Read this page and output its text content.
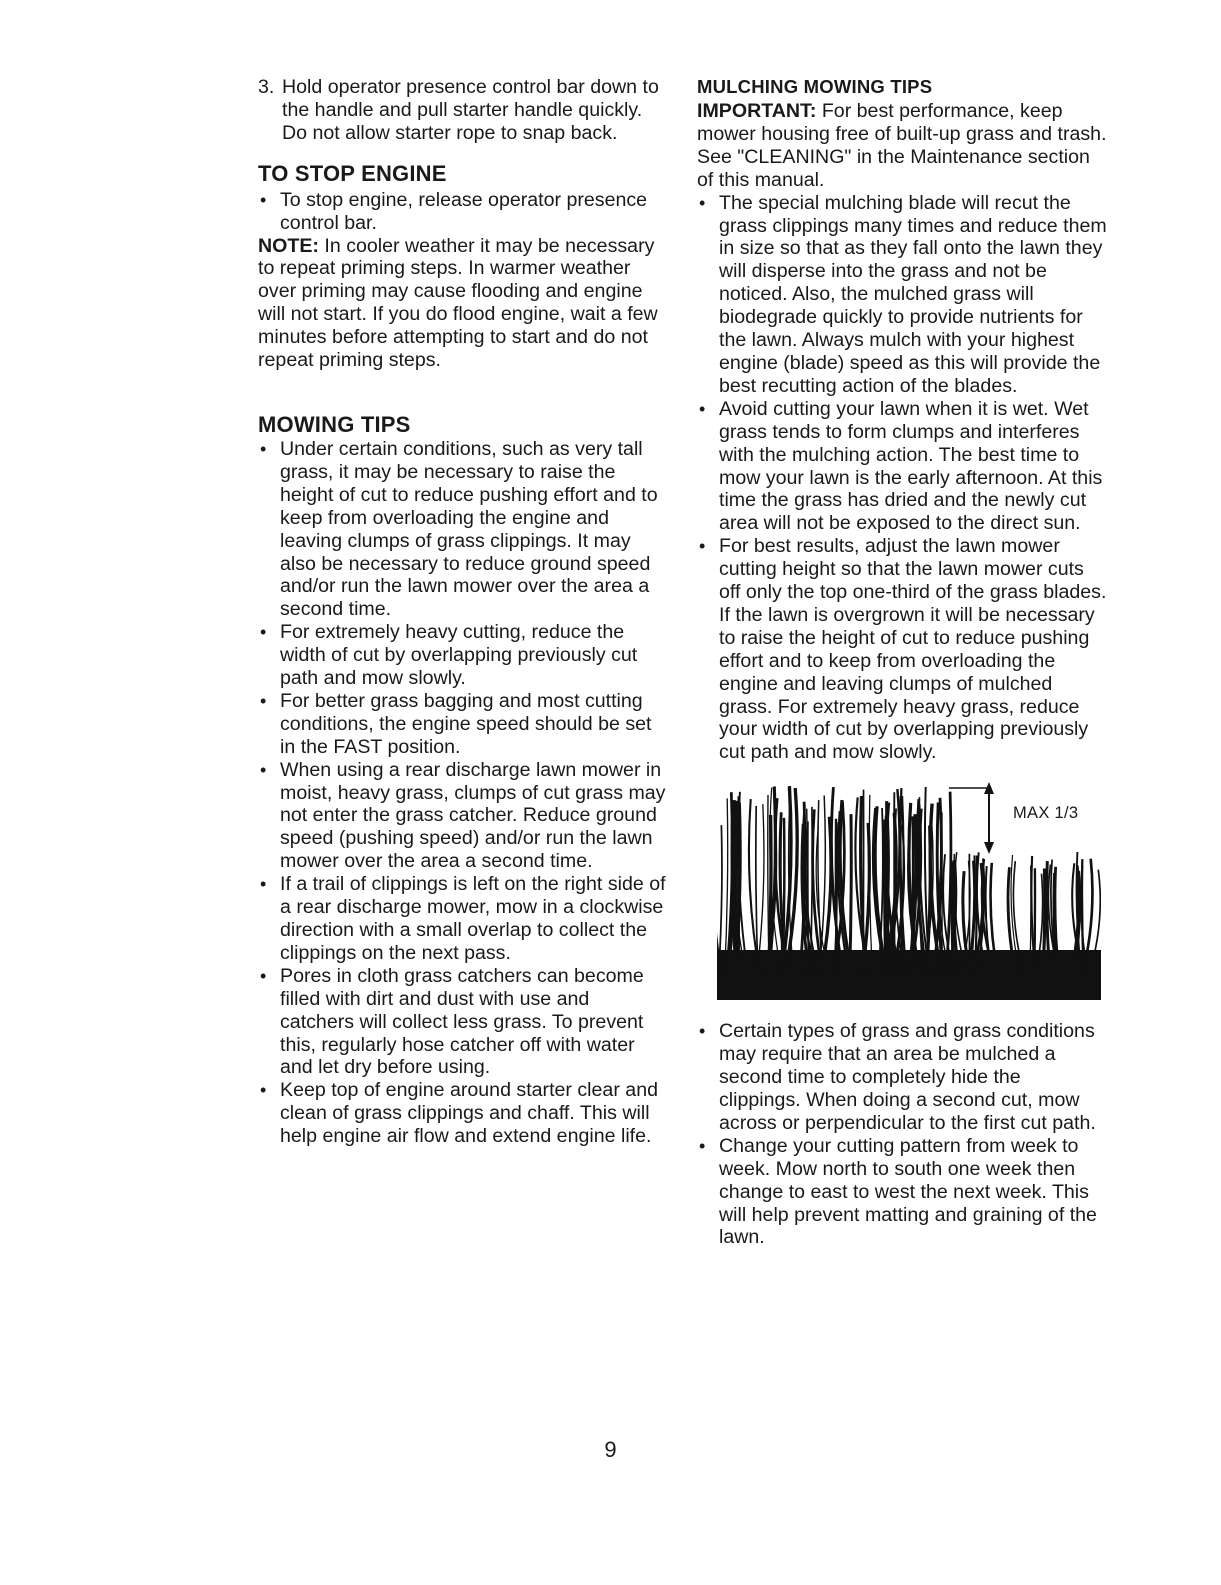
3. Hold operator presence control bar down to the handle and pull starter handle quickly. Do not allow starter rope to snap back.

TO STOP ENGINE
• To stop engine, release operator presence control bar.

NOTE: In cooler weather it may be necessary to repeat priming steps. In warmer weather over priming may cause flooding and engine will not start. If you do flood engine, wait a few minutes before attempting to start and do not repeat priming steps.

MOWING TIPS
• Under certain conditions, such as very tall grass, it may be necessary to raise the height of cut to reduce pushing effort and to keep from overloading the engine and leaving clumps of grass clippings. It may also be necessary to reduce ground speed and/or run the lawn mower over the area a second time.
• For extremely heavy cutting, reduce the width of cut by overlapping previously cut path and mow slowly.
• For better grass bagging and most cutting conditions, the engine speed should be set in the FAST position.
• When using a rear discharge lawn mower in moist, heavy grass, clumps of cut grass may not enter the grass catcher. Reduce ground speed (pushing speed) and/or run the lawn mower over the area a second time.
• If a trail of clippings is left on the right side of a rear discharge mower, mow in a clockwise direction with a small overlap to collect the clippings on the next pass.
• Pores in cloth grass catchers can become filled with dirt and dust with use and catchers will collect less grass. To prevent this, regularly hose catcher off with water and let dry before using.
• Keep top of engine around starter clear and clean of grass clippings and chaff. This will help engine air flow and extend engine life.
MULCHING MOWING TIPS

IMPORTANT: For best performance, keep mower housing free of built-up grass and trash. See "CLEANING" in the Maintenance section of this manual.

• The special mulching blade will recut the grass clippings many times and reduce them in size so that as they fall onto the lawn they will disperse into the grass and not be noticed. Also, the mulched grass will biodegrade quickly to provide nutrients for the lawn. Always mulch with your highest engine (blade) speed as this will provide the best recutting action of the blades.
• Avoid cutting your lawn when it is wet. Wet grass tends to form clumps and interferes with the mulching action. The best time to mow your lawn is the early afternoon. At this time the grass has dried and the newly cut area will not be exposed to the direct sun.
• For best results, adjust the lawn mower cutting height so that the lawn mower cuts off only the top one-third of the grass blades. If the lawn is overgrown it will be necessary to raise the height of cut to reduce pushing effort and to keep from overloading the engine and leaving clumps of mulched grass. For extremely heavy grass, reduce your width of cut by overlapping previously cut path and mow slowly.
MAX 1/3
• Certain types of grass and grass conditions may require that an area be mulched a second time to completely hide the clippings. When doing a second cut, mow across or perpendicular to the first cut path.
• Change your cutting pattern from week to week. Mow north to south one week then change to east to west the next week. This will help prevent matting and graining of the lawn.
9
